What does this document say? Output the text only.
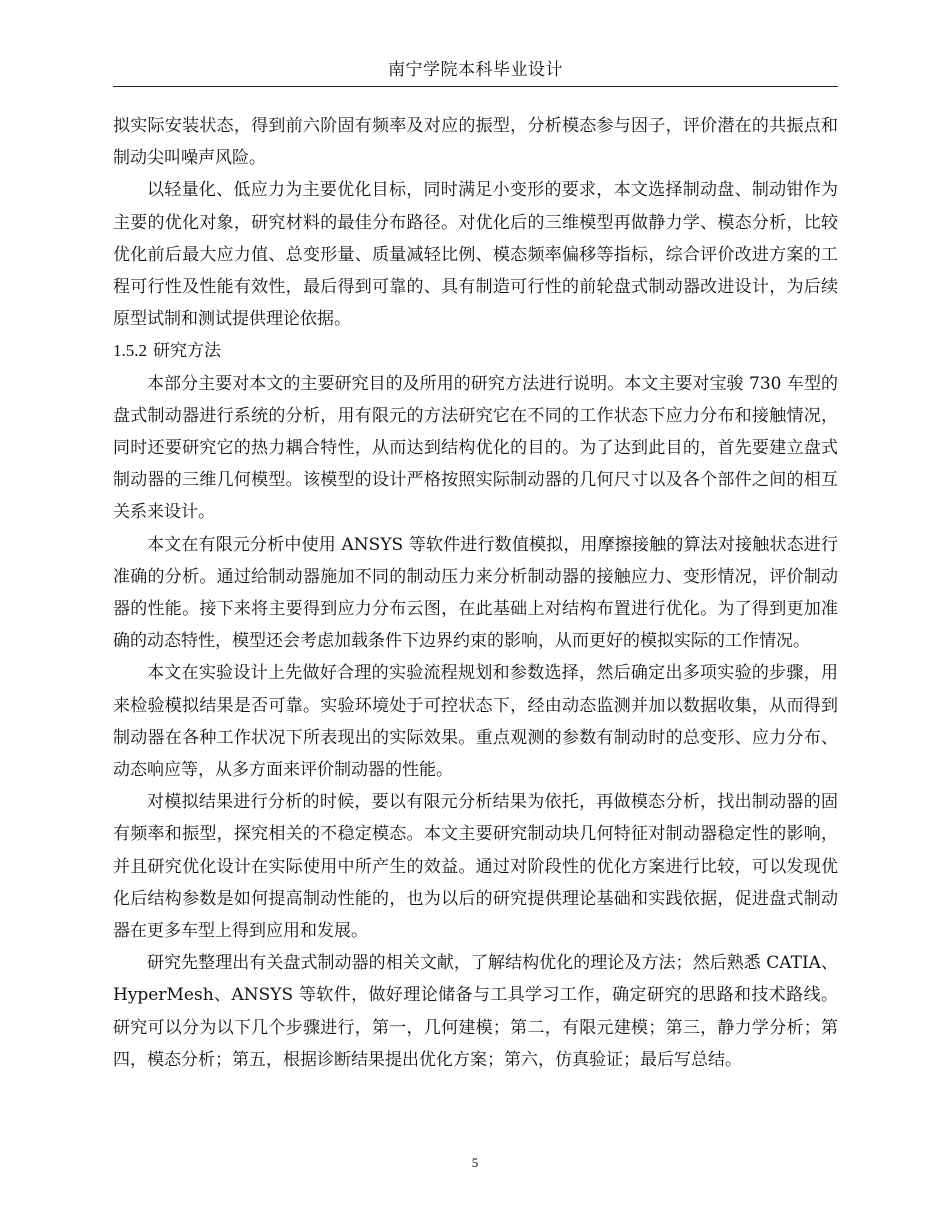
南宁学院本科毕业设计

拟实际安装状态，得到前六阶固有频率及对应的振型，分析模态参与因子，评价潜在的共振点和制动尖叫噪声风险。

以轻量化、低应力为主要优化目标，同时满足小变形的要求，本文选择制动盘、制动钳作为主要的优化对象，研究材料的最佳分布路径。对优化后的三维模型再做静力学、模态分析，比较优化前后最大应力值、总变形量、质量减轻比例、模态频率偏移等指标，综合评价改进方案的工程可行性及性能有效性，最后得到可靠的、具有制造可行性的前轮盘式制动器改进设计，为后续原型试制和测试提供理论依据。

1.5.2 研究方法

本部分主要对本文的主要研究目的及所用的研究方法进行说明。本文主要对宝骏 730 车型的盘式制动器进行系统的分析，用有限元的方法研究它在不同的工作状态下应力分布和接触情况，同时还要研究它的热力耦合特性，从而达到结构优化的目的。为了达到此目的，首先要建立盘式制动器的三维几何模型。该模型的设计严格按照实际制动器的几何尺寸以及各个部件之间的相互关系来设计。

本文在有限元分析中使用 ANSYS 等软件进行数值模拟，用摩擦接触的算法对接触状态进行准确的分析。通过给制动器施加不同的制动压力来分析制动器的接触应力、变形情况，评价制动器的性能。接下来将主要得到应力分布云图，在此基础上对结构布置进行优化。为了得到更加准确的动态特性，模型还会考虑加载条件下边界约束的影响，从而更好的模拟实际的工作情况。

本文在实验设计上先做好合理的实验流程规划和参数选择，然后确定出多项实验的步骤，用来检验模拟结果是否可靠。实验环境处于可控状态下，经由动态监测并加以数据收集，从而得到制动器在各种工作状况下所表现出的实际效果。重点观测的参数有制动时的总变形、应力分布、动态响应等，从多方面来评价制动器的性能。

对模拟结果进行分析的时候，要以有限元分析结果为依托，再做模态分析，找出制动器的固有频率和振型，探究相关的不稳定模态。本文主要研究制动块几何特征对制动器稳定性的影响，并且研究优化设计在实际使用中所产生的效益。通过对阶段性的优化方案进行比较，可以发现优化后结构参数是如何提高制动性能的，也为以后的研究提供理论基础和实践依据，促进盘式制动器在更多车型上得到应用和发展。

研究先整理出有关盘式制动器的相关文献，了解结构优化的理论及方法；然后熟悉 CATIA、HyperMesh、ANSYS 等软件，做好理论储备与工具学习工作，确定研究的思路和技术路线。研究可以分为以下几个步骤进行，第一，几何建模；第二，有限元建模；第三，静力学分析；第四，模态分析；第五，根据诊断结果提出优化方案；第六，仿真验证；最后写总结。

5
